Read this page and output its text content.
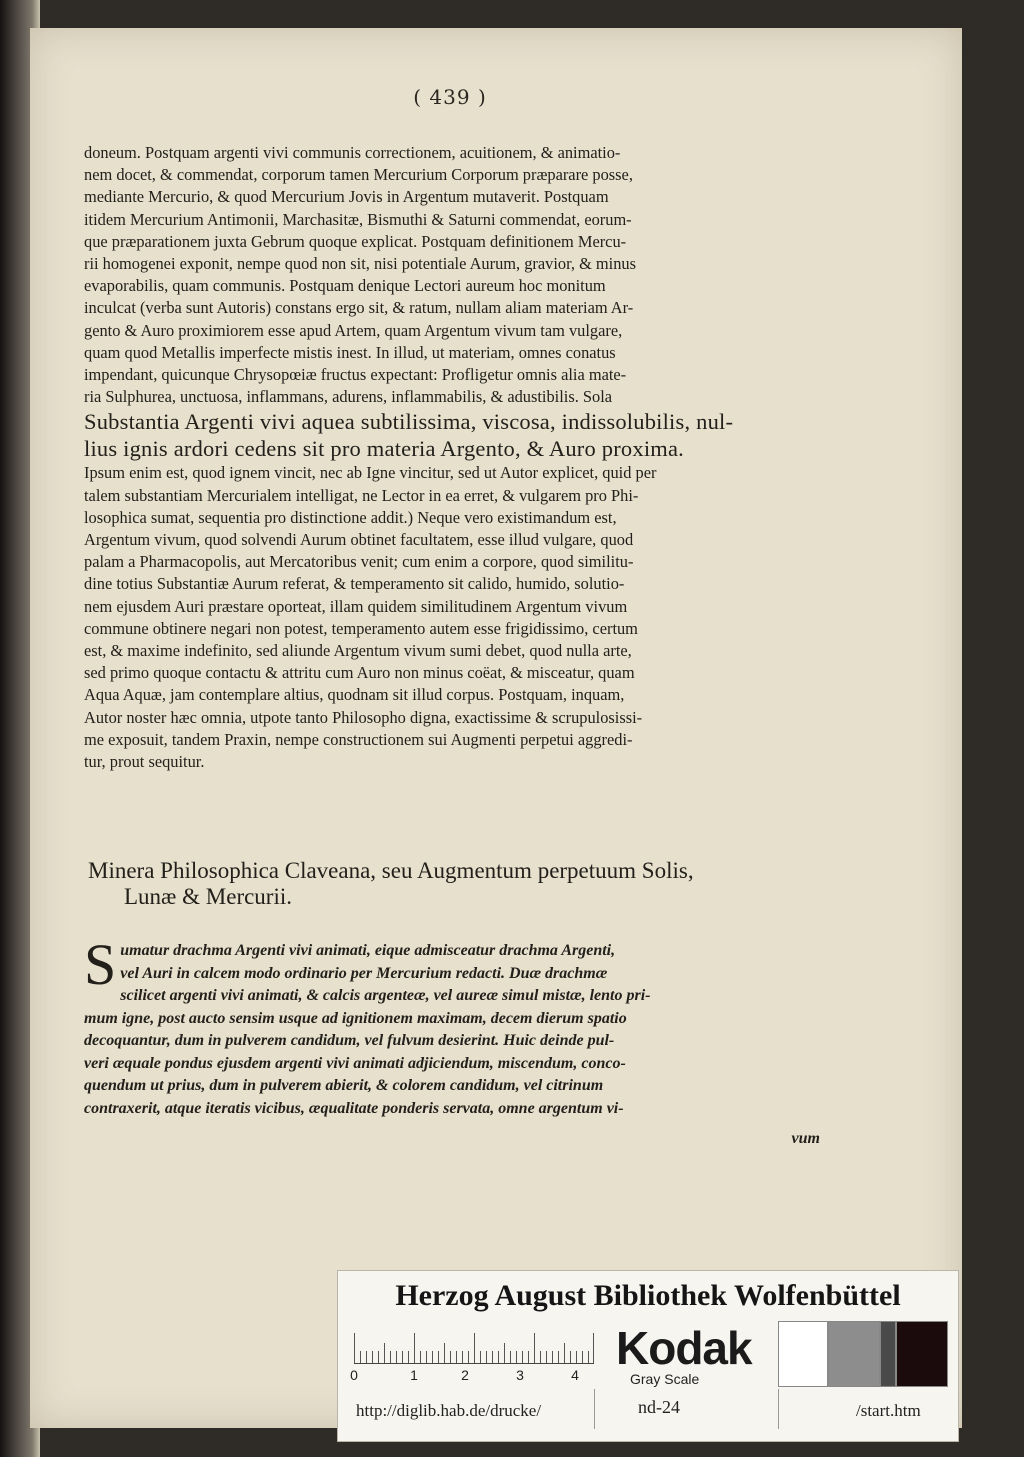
( 439 )

doneum. Postquam argenti vivi communis correctionem, acuitionem, & animatio-

nem docet, & commendat, corporum tamen Mercurium Corporum præparare posse,

mediante Mercurio, & quod Mercurium Jovis in Argentum mutaverit. Postquam

itidem Mercurium Antimonii, Marchasitæ, Bismuthi & Saturni commendat, eorum-

que præparationem juxta Gebrum quoque explicat. Postquam definitionem Mercu-

rii homogenei exponit, nempe quod non sit, nisi potentiale Aurum, gravior, & minus

evaporabilis, quam communis. Postquam denique Lectori aureum hoc monitum

inculcat (verba sunt Autoris) constans ergo sit, & ratum, nullam aliam materiam Ar-

gento & Auro proximiorem esse apud Artem, quam Argentum vivum tam vulgare,

quam quod Metallis imperfecte mistis inest. In illud, ut materiam, omnes conatus

impendant, quicunque Chrysopœiæ fructus expectant: Profligetur omnis alia mate-

ria Sulphurea, unctuosa, inflammans, adurens, inflammabilis, & adustibilis. Sola

Substantia Argenti vivi aquea subtilissima, viscosa, indissolubilis, nul-

lius ignis ardori cedens sit pro materia Argento, & Auro proxima.

Ipsum enim est, quod ignem vincit, nec ab Igne vincitur, sed ut Autor explicet, quid per

talem substantiam Mercurialem intelligat, ne Lector in ea erret, & vulgarem pro Phi-

losophica sumat, sequentia pro distinctione addit.) Neque vero existimandum est,

Argentum vivum, quod solvendi Aurum obtinet facultatem, esse illud vulgare, quod

palam a Pharmacopolis, aut Mercatoribus venit; cum enim a corpore, quod similitu-

dine totius Substantiæ Aurum referat, & temperamento sit calido, humido, solutio-

nem ejusdem Auri præstare oporteat, illam quidem similitudinem Argentum vivum

commune obtinere negari non potest, temperamento autem esse frigidissimo, certum

est, & maxime indefinito, sed aliunde Argentum vivum sumi debet, quod nulla arte,

sed primo quoque contactu & attritu cum Auro non minus coëat, & misceatur, quam

Aqua Aquæ, jam contemplare altius, quodnam sit illud corpus. Postquam, inquam,

Autor noster hæc omnia, utpote tanto Philosopho digna, exactissime & scrupulosissi-

me exposuit, tandem Praxin, nempe constructionem sui Augmenti perpetui aggredi-

tur, prout sequitur.

Minera Philosophica Claveana, seu Augmentum perpetuum Solis,
Lunæ & Mercurii.
S umatur drachma Argenti vivi animati, eique admisceatur drachma Argenti,
vel Auri in calcem modo ordinario per Mercurium redacti. Duæ drachmæ
scilicet argenti vivi animati, & calcis argenteæ, vel aureæ simul mistæ, lento pri-
mum igne, post aucto sensim usque ad ignitionem maximam, decem dierum spatio
decoquantur, dum in pulverem candidum, vel fulvum desierint. Huic deinde pul-
veri æquale pondus ejusdem argenti vivi animati adjiciendum, miscendum, conco-
quendum ut prius, dum in pulverem abierit, & colorem candidum, vel citrinum
contraxerit, atque iteratis vicibus, æqualitate ponderis servata, omne argentum vi-
vum
Herzog August Bibliothek Wolfenbüttel
0	1	2	3	4
Kodak
Gray Scale
http://diglib.hab.de/drucke/	nd-24	/start.htm
